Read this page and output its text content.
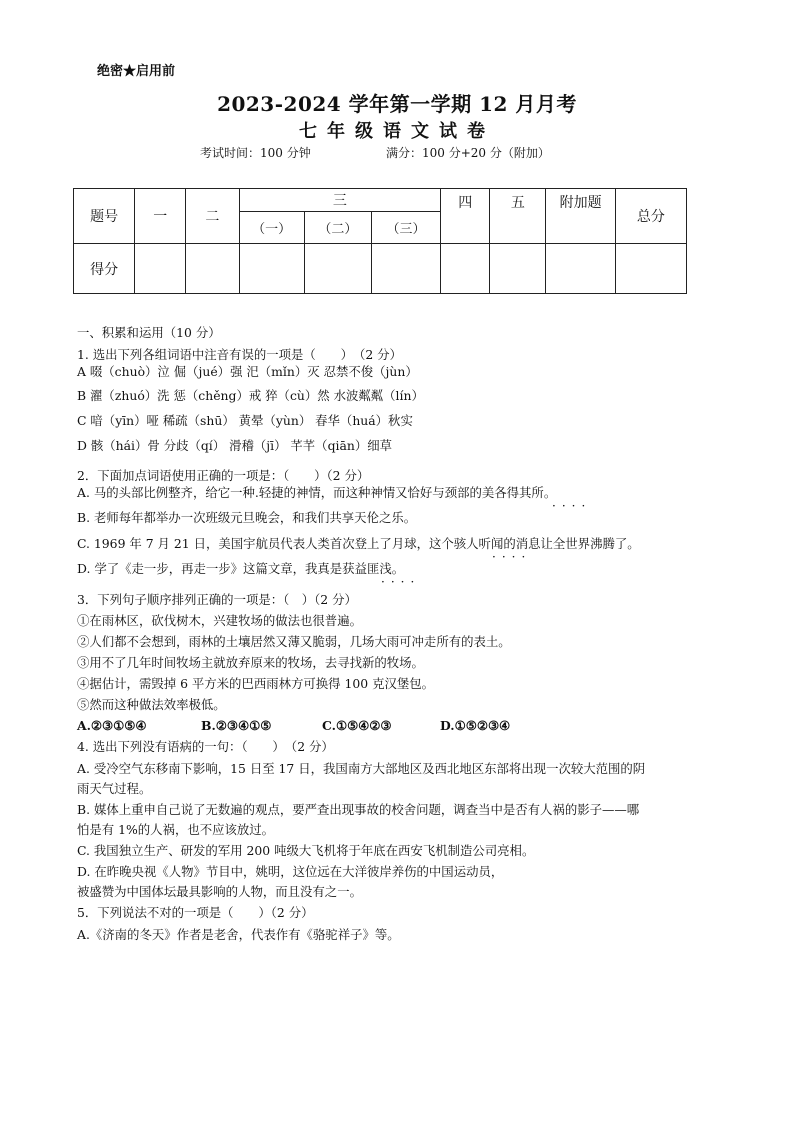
绝密★启用前
2023-2024 学年第一学期 12 月月考
七年级语文试卷
考试时间：100 分钟	满分：100 分+20 分（附加）
题号	一	二	三			四	五	附加题	总分
			（一）	（二）	（三）				
得分									
一、积累和运用（10 分）
1. 选出下列各组词语中注音有误的一项是（　　）　（2 分）
A 啜（chuò）泣 倔（jué）强 汜（mǐn）灭 忍禁不俊（jùn）
B 濯（zhuó）洗 惩（chěng）戒 猝（cù）然 水波粼粼（lín）
C 喑（yīn）哑 稀疏（shū） 黄晕（yùn） 春华（huá）秋实
D 骸（hái）骨 分歧（qí） 滑稽（jī） 芊芊（qiān）细草
2．下面加点词语使用正确的一项是：（　　）（2 分）
A. 马的头部比例整齐，给它一种.轻捷的神情，而这种神情又恰好与颈部的美各得其所。
····
B. 老师每年都举办一次班级元旦晚会，和我们共享天伦之乐。
C. 1969 年 7 月 21 日，美国宇航员代表人类首次登上了月球，这个骇人听闻的消息让全世界沸腾了。
····
D. 学了《走一步，再走一步》这篇文章，我真是获益匪浅。
····
3．下列句子顺序排列正确的一项是：（　）（2 分）
①在雨林区，砍伐树木，兴建牧场的做法也很普遍。
②人们都不会想到，雨林的土壤居然又薄又脆弱，几场大雨可冲走所有的表土。
③用不了几年时间牧场主就放弃原来的牧场，去寻找新的牧场。
④据估计，需毁掉 6 平方米的巴西雨林方可换得 100 克汉堡包。
⑤然而这种做法效率极低。
A.②③①⑤④	B.②③④①⑤	C.①⑤④②③	D.①⑤②③④
4. 选出下列没有语病的一句：（　　）　（2 分）
A. 受冷空气东移南下影响，15 日至 17 日，我国南方大部地区及西北地区东部将出现一次较大范围的阴
雨天气过程。
B. 媒体上重申自己说了无数遍的观点，要严查出现事故的校舍问题，调查当中是否有人祸的影子——哪
怕是有 1%的人祸，也不应该放过。
C. 我国独立生产、研发的军用 200 吨级大飞机将于年底在西安飞机制造公司亮相。
D. 在昨晚央视《人物》节目中，姚明，这位远在大洋彼岸养伤的中国运动员，
被盛赞为中国体坛最具影响的人物，而且没有之一。
5．下列说法不对的一项是（　　）（2 分）
A.《济南的冬天》作者是老舍，代表作有《骆驼祥子》等。
